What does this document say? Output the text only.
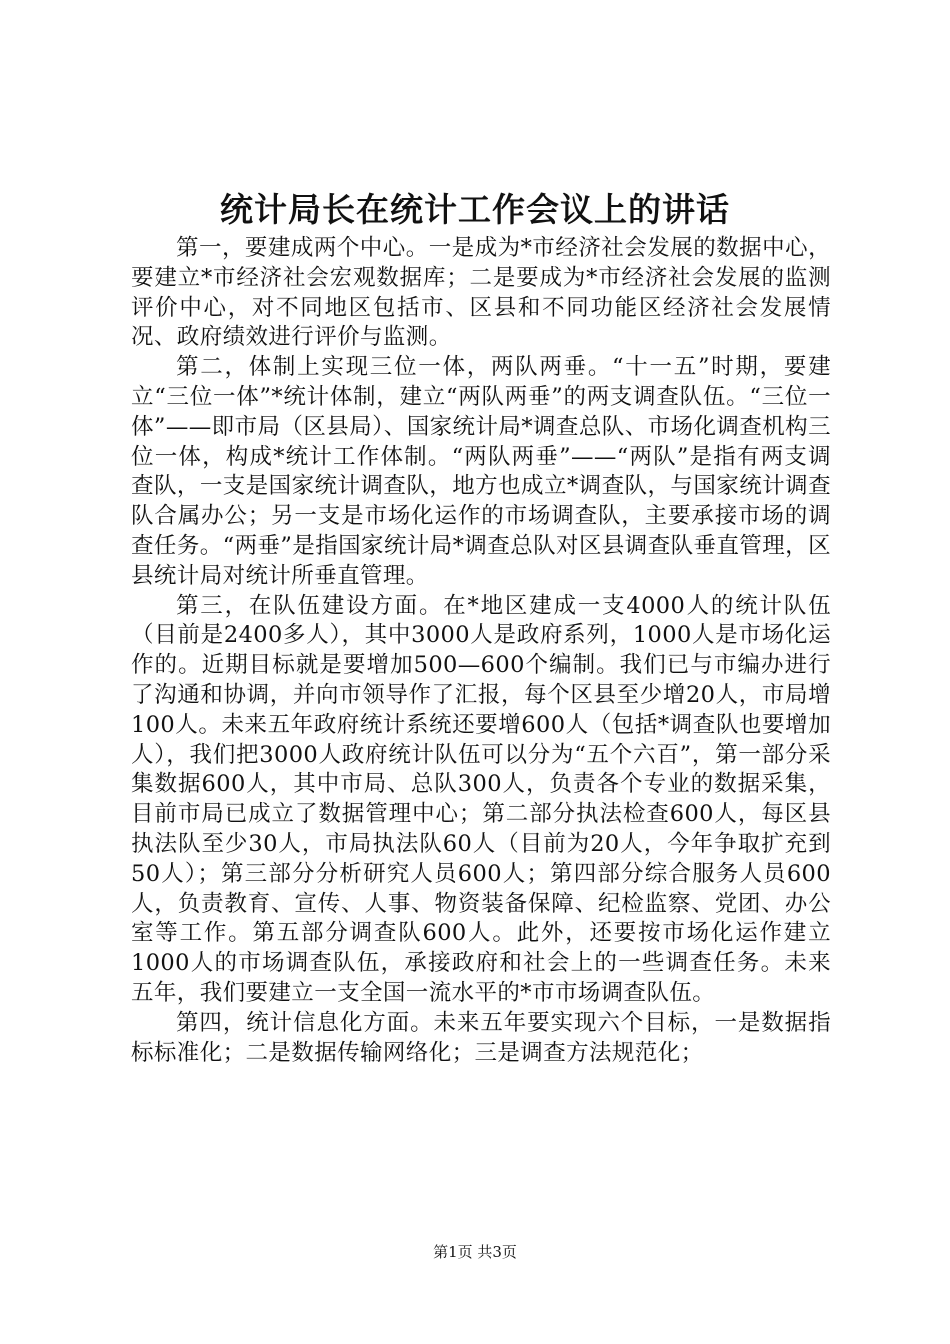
统计局长在统计工作会议上的讲话

第一，要建成两个中心。一是成为*市经济社会发展的数据中心，要建立*市经济社会宏观数据库；二是要成为*市经济社会发展的监测评价中心，对不同地区包括市、区县和不同功能区经济社会发展情况、政府绩效进行评价与监测。

第二，体制上实现三位一体，两队两垂。“十一五”时期，要建立“三位一体”*统计体制，建立“两队两垂”的两支调查队伍。“三位一体”——即市局（区县局）、国家统计局*调查总队、市场化调查机构三位一体，构成*统计工作体制。“两队两垂”——“两队”是指有两支调查队，一支是国家统计调查队，地方也成立*调查队，与国家统计调查队合属办公；另一支是市场化运作的市场调查队，主要承接市场的调查任务。“两垂”是指国家统计局*调查总队对区县调查队垂直管理，区县统计局对统计所垂直管理。

第三，在队伍建设方面。在*地区建成一支4000人的统计队伍（目前是2400多人），其中3000人是政府系列，1000人是市场化运作的。近期目标就是要增加500—600个编制。我们已与市编办进行了沟通和协调，并向市领导作了汇报，每个区县至少增20人，市局增100人。未来五年政府统计系统还要增600人（包括*调查队也要增加人），我们把3000人政府统计队伍可以分为“五个六百”，第一部分采集数据600人，其中市局、总队300人，负责各个专业的数据采集，目前市局已成立了数据管理中心；第二部分执法检查600人，每区县执法队至少30人，市局执法队60人（目前为20人，今年争取扩充到50人）；第三部分分析研究人员600人；第四部分综合服务人员600人，负责教育、宣传、人事、物资装备保障、纪检监察、党团、办公室等工作。第五部分调查队600人。此外，还要按市场化运作建立1000人的市场调查队伍，承接政府和社会上的一些调查任务。未来五年，我们要建立一支全国一流水平的*市市场调查队伍。

第四，统计信息化方面。未来五年要实现六个目标，一是数据指标标准化；二是数据传输网络化；三是调查方法规范化；

第1页 共3页
